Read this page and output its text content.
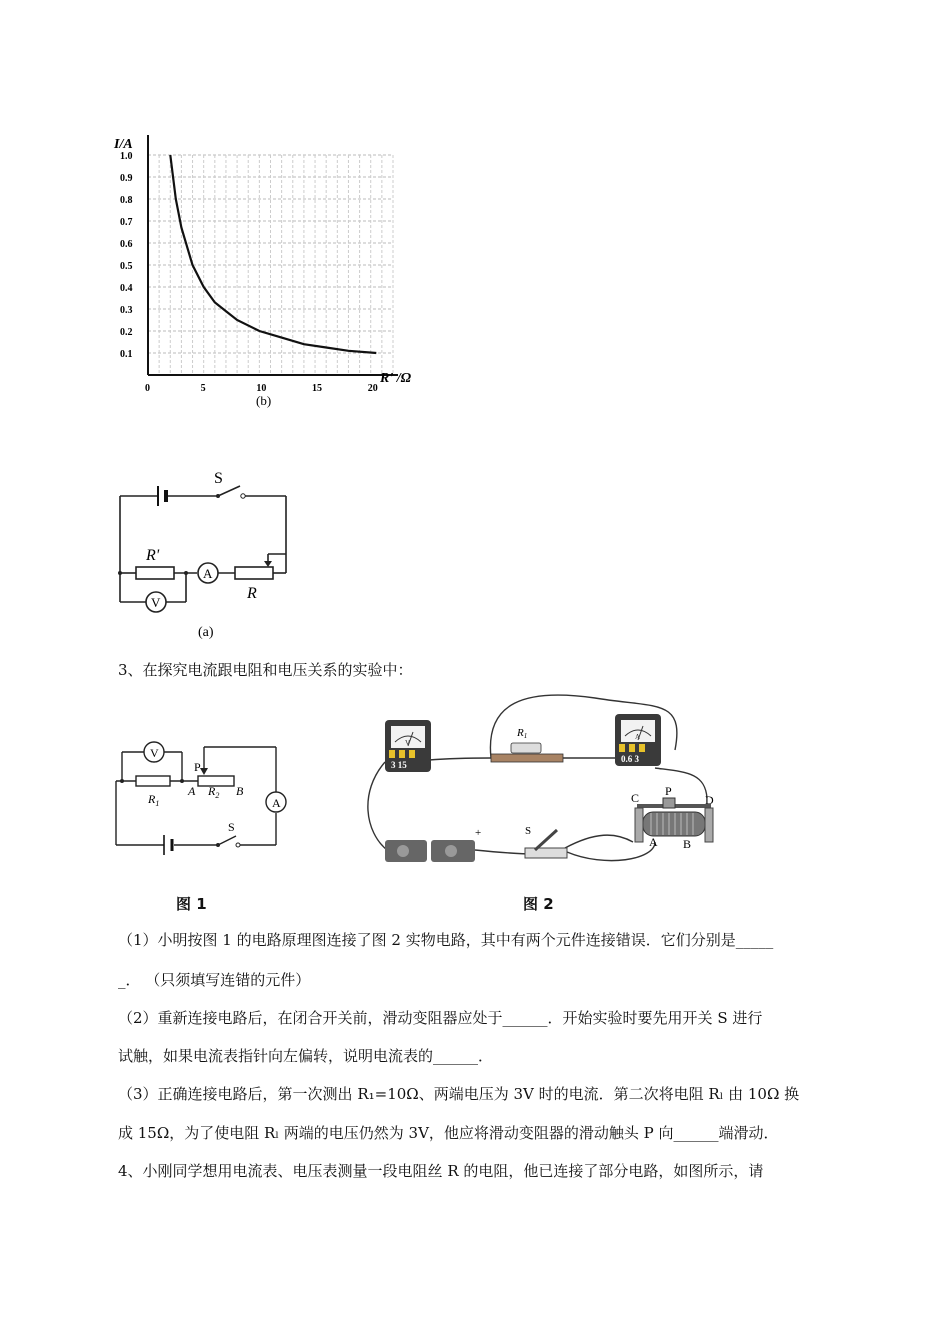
I/A
R' /Ω
1.0
0.9
0.8
0.7
0.6
0.5
0.4
0.3
0.2
0.1
0	5	10	15	20
(b)
S
R'
A
R
V
(a)
3、在探究电流跟电阻和电压关系的实验中：
V
A
$R_1$
$R_2$
P
A	B
S
图 1
V
3 15
R1	A
0.6 3
C P
D
A B
+	S
图 2
（1）小明按图 1 的电路原理图连接了图 2 实物电路，其中有两个元件连接错误．它们分别是_____
_． （只须填写连错的元件）
（2）重新连接电路后，在闭合开关前，滑动变阻器应处于______．开始实验时要先用开关 S 进行
试触，如果电流表指针向左偏转，说明电流表的______．
（3）正确连接电路后，第一次测出 R₁=10Ω、两端电压为 3V 时的电流．第二次将电阻 Rₗ 由 10Ω 换
成 15Ω，为了使电阻 Rₗ 两端的电压仍然为 3V，他应将滑动变阻器的滑动触头 P 向______端滑动．
4、小刚同学想用电流表、电压表测量一段电阻丝 R 的电阻，他已连接了部分电路，如图所示，请
